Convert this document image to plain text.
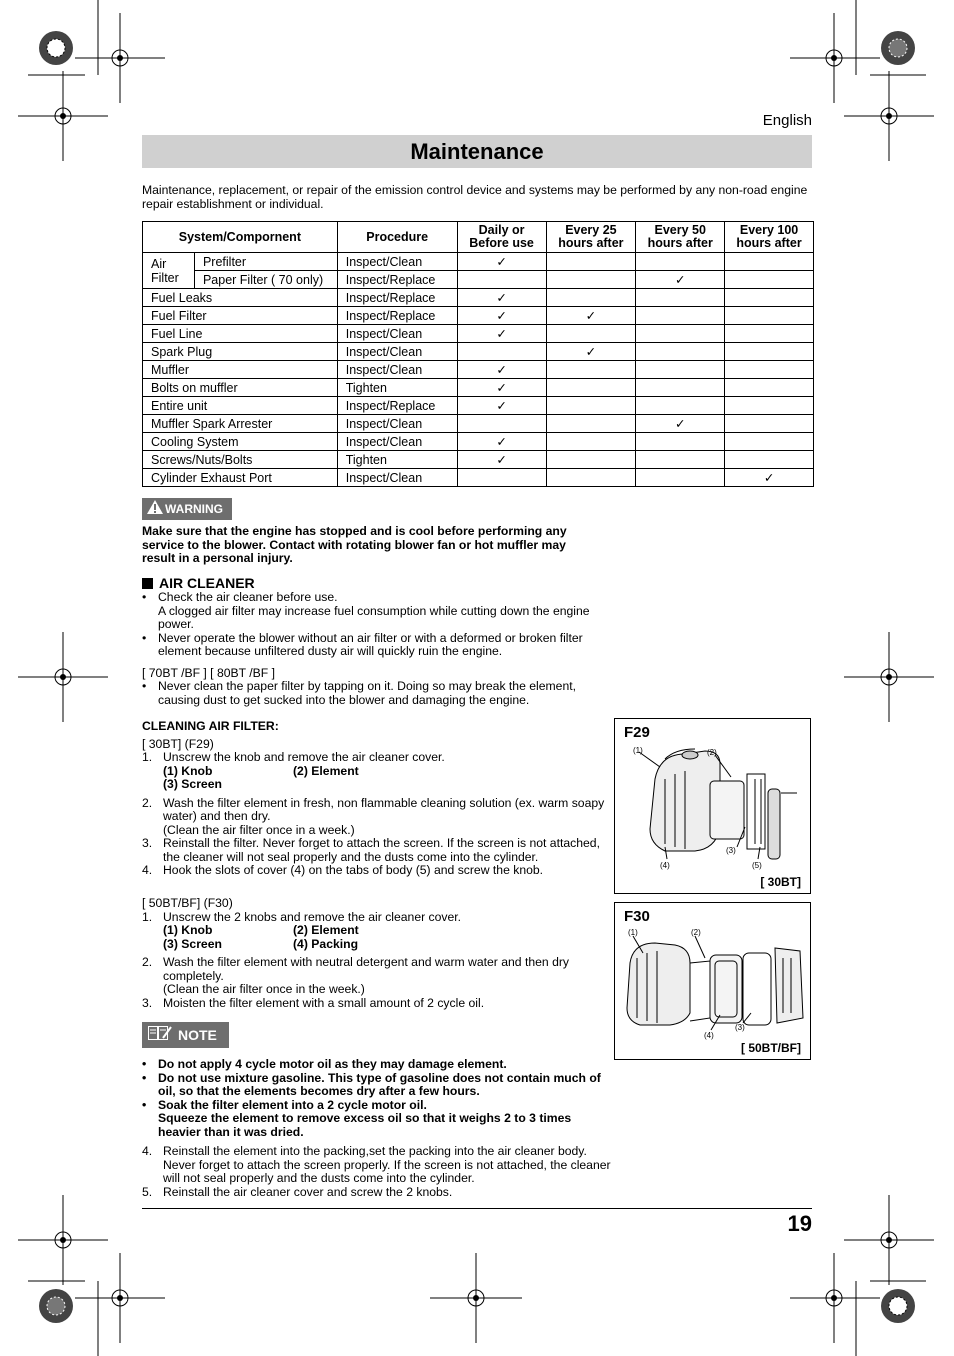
English
Maintenance
Maintenance, replacement, or repair of the emission control device and systems may be performed by any non-road engine repair establishment or individual.
System/Compornent		Procedure	Daily or Before use	Every 25 hours after	Every 50 hours after	Every 100 hours after
Air Filter	Prefilter	Inspect/Clean	✓			
	Paper Filter ( 70 only)	Inspect/Replace			✓	
Fuel Leaks		Inspect/Replace	✓			
Fuel Filter		Inspect/Replace	✓	✓		
Fuel Line		Inspect/Clean	✓			
Spark Plug		Inspect/Clean		✓		
Muffler		Inspect/Clean	✓			
Bolts on muffler		Tighten	✓			
Entire unit		Inspect/Replace	✓			
Muffler Spark Arrester		Inspect/Clean			✓	
Cooling System		Inspect/Clean	✓			
Screws/Nuts/Bolts		Tighten	✓			
Cylinder Exhaust Port		Inspect/Clean				✓
WARNING
Make sure that the engine has stopped and is cool before performing any service to the blower. Contact with rotating blower fan or hot muffler may result in a personal injury.
AIR CLEANER
• Check the air cleaner before use.
A clogged air filter may increase fuel consumption while cutting down the engine power.
• Never operate the blower without an air filter or with a deformed or broken filter element because unfiltered dusty air will quickly ruin the engine.
[ 70BT /BF ] [ 80BT /BF ]
• Never clean the paper filter by tapping on it. Doing so may break the element, causing dust to get sucked into the blower and damaging the engine.
CLEANING AIR FILTER:
[ 30BT] (F29)
1. Unscrew the knob and remove the air cleaner cover.
(1) Knob	(2) Element
(3) Screen
2. Wash the filter element in fresh, non flammable cleaning solution (ex. warm soapy water) and then dry.
(Clean the air filter once in a week.)
3. Reinstall the filter. Never forget to attach the screen. If the screen is not attached, the cleaner will not seal properly and the dusts come into the cylinder.
4. Hook the slots of cover (4) on the tabs of body (5) and screw the knob.
[ 50BT/BF] (F30)
1. Unscrew the 2 knobs and remove the air cleaner cover.
(1) Knob	(2) Element
(3) Screen	(4) Packing
2. Wash the filter element with neutral detergent and warm water and then dry completely.
(Clean the air filter once in the week.)
3. Moisten the filter element with a small amount of 2 cycle oil.
NOTE
• Do not apply 4 cycle motor oil as they may damage element.
• Do not use mixture gasoline. This type of gasoline does not contain much of oil, so that the elements becomes dry after a few hours.
• Soak the filter element into a 2 cycle motor oil.
Squeeze the element to remove excess oil so that it weighs 2 to 3 times heavier than it was dried.
4. Reinstall the element into the packing,set the packing into the air cleaner body. Never forget to attach the screen properly. If the screen is not attached, the cleaner will not seal properly and the dusts come into the cylinder.
5. Reinstall the air cleaner cover and screw the 2 knobs.
F29
(1)	(2)
(3)
(4)	(5)
[ 30BT]
F30
(1)	(2)
(3)
(4)
[ 50BT/BF]
19
